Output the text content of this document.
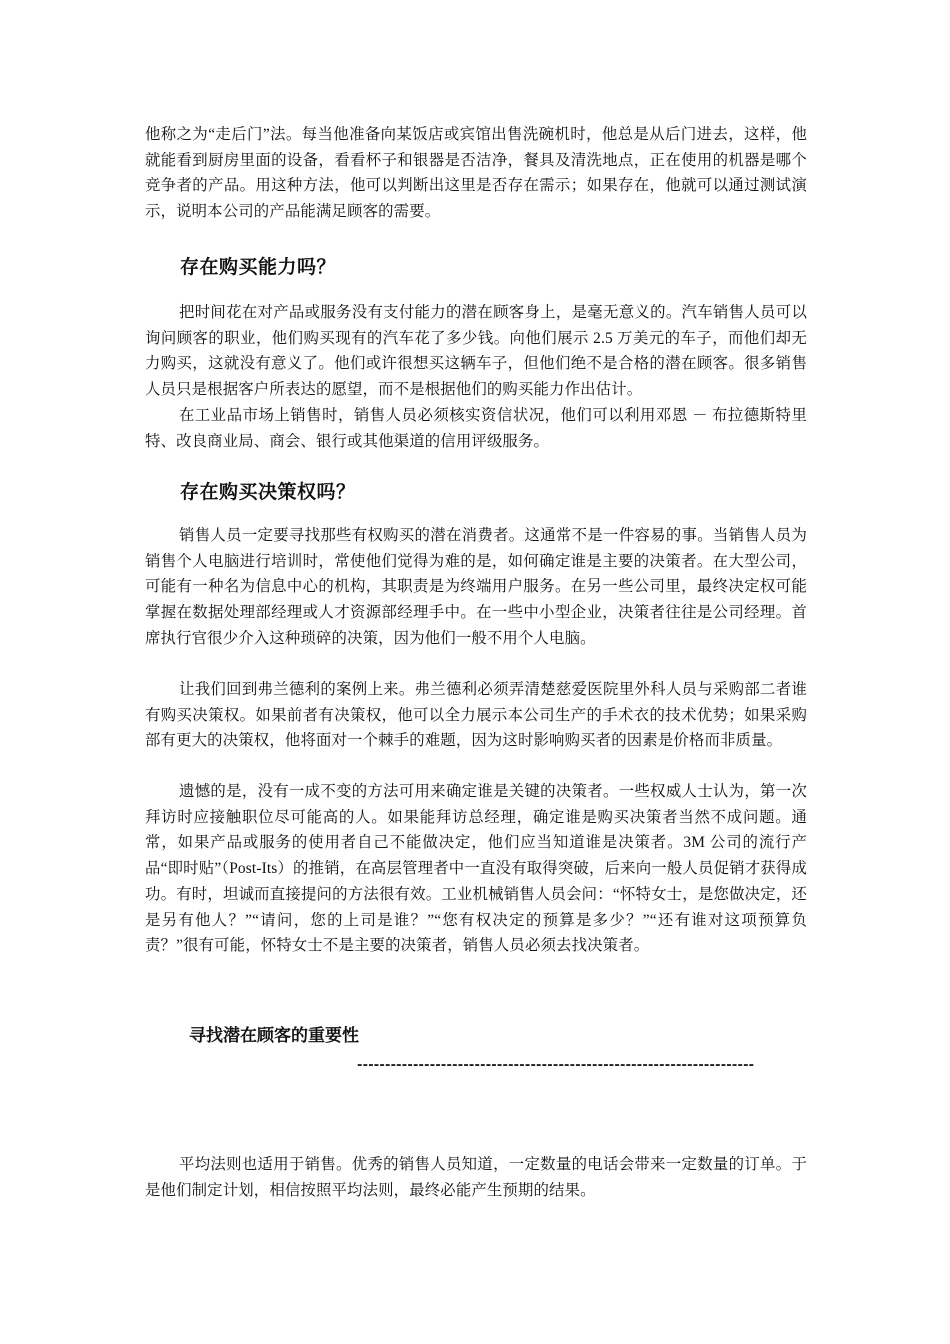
他称之为“走后门”法。每当他准备向某饭店或宾馆出售洗碗机时，他总是从后门进去，这样，他就能看到厨房里面的设备，看看杯子和银器是否洁净，餐具及清洗地点，正在使用的机器是哪个竞争者的产品。用这种方法，他可以判断出这里是否存在需示；如果存在，他就可以通过测试演示，说明本公司的产品能满足顾客的需要。

存在购买能力吗？

把时间花在对产品或服务没有支付能力的潜在顾客身上，是毫无意义的。汽车销售人员可以询问顾客的职业，他们购买现有的汽车花了多少钱。向他们展示 2.5 万美元的车子，而他们却无力购买，这就没有意义了。他们或许很想买这辆车子，但他们绝不是合格的潜在顾客。很多销售人员只是根据客户所表达的愿望，而不是根据他们的购买能力作出估计。

在工业品市场上销售时，销售人员必须核实资信状况，他们可以利用邓恩 － 布拉德斯特里特、改良商业局、商会、银行或其他渠道的信用评级服务。

存在购买决策权吗？

销售人员一定要寻找那些有权购买的潜在消费者。这通常不是一件容易的事。当销售人员为销售个人电脑进行培训时，常使他们觉得为难的是，如何确定谁是主要的决策者。在大型公司，可能有一种名为信息中心的机构，其职责是为终端用户服务。在另一些公司里，最终决定权可能掌握在数据处理部经理或人才资源部经理手中。在一些中小型企业，决策者往往是公司经理。首席执行官很少介入这种琐碎的决策，因为他们一般不用个人电脑。

让我们回到弗兰德利的案例上来。弗兰德利必须弄清楚慈爱医院里外科人员与采购部二者谁有购买决策权。如果前者有决策权，他可以全力展示本公司生产的手术衣的技术优势；如果采购部有更大的决策权，他将面对一个棘手的难题，因为这时影响购买者的因素是价格而非质量。

遗憾的是，没有一成不变的方法可用来确定谁是关键的决策者。一些权威人士认为，第一次拜访时应接触职位尽可能高的人。如果能拜访总经理，确定谁是购买决策者当然不成问题。通常，如果产品或服务的使用者自己不能做决定，他们应当知道谁是决策者。3M 公司的流行产品“即时贴”（Post-Its）的推销，在高层管理者中一直没有取得突破，后来向一般人员促销才获得成功。有时，坦诚而直接提问的方法很有效。工业机械销售人员会问：“怀特女士，是您做决定，还是另有他人？”“请问，您的上司是谁？”“您有权决定的预算是多少？”“还有谁对这项预算负责？”很有可能，怀特女士不是主要的决策者，销售人员必须去找决策者。

寻找潜在顾客的重要性
-----------------------------------------------------------------------

平均法则也适用于销售。优秀的销售人员知道，一定数量的电话会带来一定数量的订单。于是他们制定计划，相信按照平均法则，最终必能产生预期的结果。
